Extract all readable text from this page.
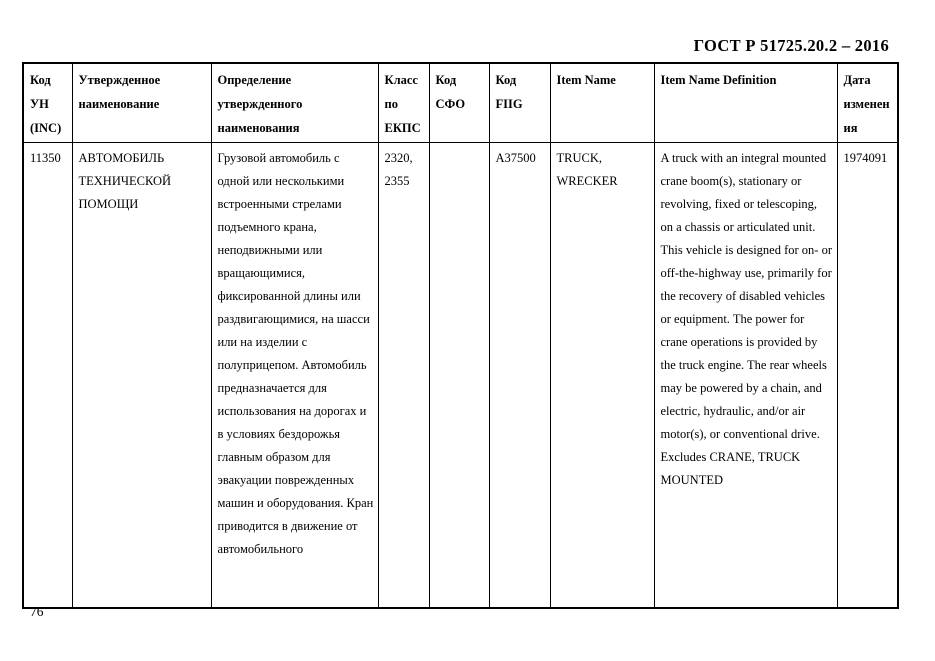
ГОСТ Р 51725.20.2 – 2016
Код УН (INC)	Утвержденное наименование	Определение утвержденного наименования	Класс по ЕКПС	Код СФО	Код FIIG	Item Name	Item Name Definition	Дата изменения
11350	АВТОМОБИЛЬ ТЕХНИЧЕСКОЙ ПОМОЩИ	Грузовой автомобиль с одной или несколькими встроенными стрелами подъемного крана, неподвижными или вращающимися, фиксированной длины или раздвигающимися, на шасси или на изделии с полуприцепом. Автомобиль предназначается для использования на дорогах и в условиях бездорожья главным образом для эвакуации поврежденных машин и оборудования. Кран приводится в движение от автомобильного	2320, 2355		A37500	TRUCK, WRECKER	A truck with an integral mounted crane boom(s), stationary or revolving, fixed or telescoping, on a chassis or articulated unit. This vehicle is designed for on- or off-the-highway use, primarily for the recovery of disabled vehicles or equipment. The power for crane operations is provided by the truck engine. The rear wheels may be powered by a chain, and electric, hydraulic, and/or air motor(s), or conventional drive. Excludes CRANE, TRUCK MOUNTED	1974091
76
